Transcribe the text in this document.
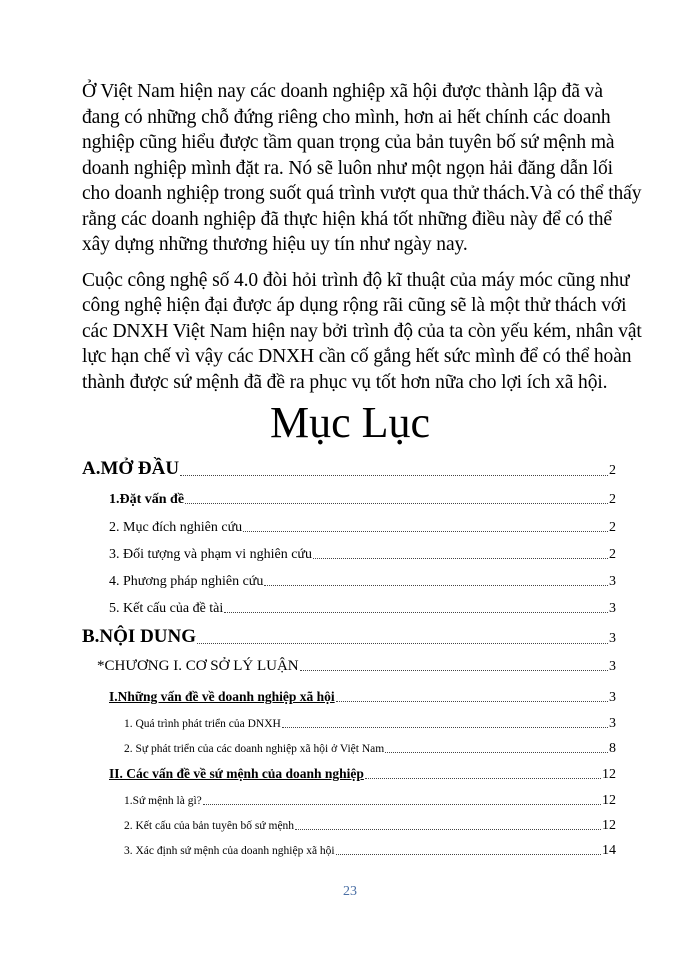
Ở Việt Nam hiện nay các doanh nghiệp xã hội được thành lập đã và đang có những chỗ đứng riêng cho mình, hơn ai hết chính các doanh nghiệp cũng hiểu được tầm quan trọng của bản tuyên bố sứ mệnh mà doanh nghiệp mình đặt ra. Nó sẽ luôn như một ngọn hải đăng dẫn lối cho doanh nghiệp trong suốt quá trình vượt qua thử thách.Và có thể thấy rằng các doanh nghiệp đã thực hiện khá tốt những điều này để có thể xây dựng những thương hiệu uy tín như ngày nay.

Cuộc công nghệ số 4.0 đòi hỏi trình độ kĩ thuật của máy móc cũng như công nghệ hiện đại được áp dụng rộng rãi cũng sẽ là một thử thách với các DNXH Việt Nam hiện nay bởi trình độ của ta còn yếu kém, nhân vật lực hạn chế vì vậy các DNXH cần cố gắng hết sức mình để có thể hoàn thành được sứ mệnh đã đề ra phục vụ tốt hơn nữa cho lợi ích xã hội.

Mục Lục
A.MỞ ĐẦU	2
1.Đặt vấn đề	2
2. Mục đích nghiên cứu	2
3. Đối tượng và phạm vi nghiên cứu	2
4. Phương pháp nghiên cứu	3
5. Kết cấu của đề tài	3
B.NỘI DUNG	3
*CHƯƠNG I. CƠ SỞ LÝ LUẬN	3
I.Những vấn đề về doanh nghiệp xã hội	3
1. Quá trình phát triển của DNXH	3
2. Sự phát triển của các doanh nghiệp xã hội ở Việt Nam	8
II. Các vấn đề về sứ mệnh của doanh nghiệp	12
1.Sứ mệnh là gì?	12
2. Kết cấu của bản tuyên bố sứ mệnh	12
3. Xác định sứ mệnh của doanh nghiệp xã hội	14
23
